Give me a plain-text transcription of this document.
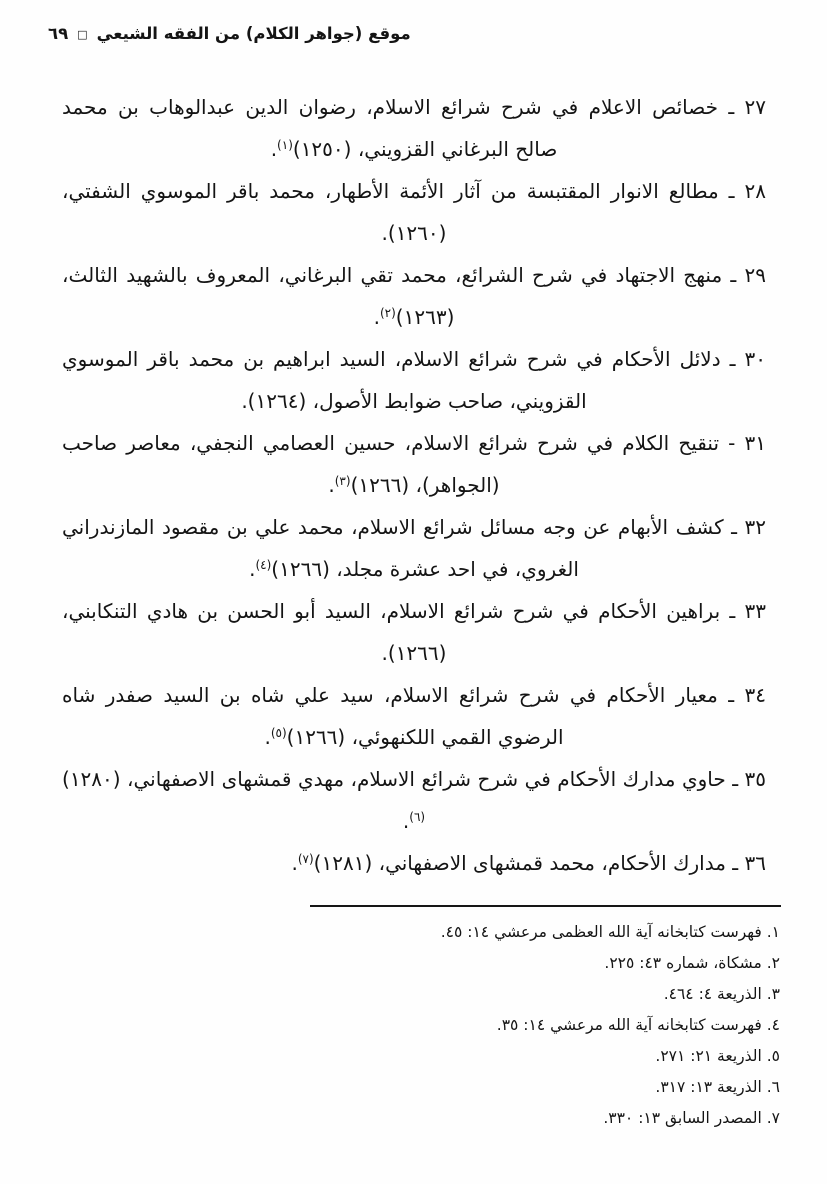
موقع (جواهر الكلام) من الفقه الشيعي
□
٦٩

٢٧ ـ خصائص الاعلام في شرح شرائع الاسلام، رضوان الدين عبدالوهاب بن محمد صالح البرغاني القزويني، (١٢٥٠)$^{(١)}$.

٢٨ ـ مطالع الانوار المقتبسة من آثار الأئمة الأطهار، محمد باقر الموسوي الشفتي، (١٢٦٠).

٢٩ ـ منهج الاجتهاد في شرح الشرائع، محمد تقي البرغاني، المعروف بالشهيد الثالث، (١٢٦٣)$^{(٢)}$.

٣٠ ـ دلائل الأحكام في شرح شرائع الاسلام، السيد ابراهيم بن محمد باقر الموسوي القزويني، صاحب ضوابط الأصول، (١٢٦٤).

٣١ - تنقيح الكلام في شرح شرائع الاسلام، حسين العصامي النجفي، معاصر صاحب (الجواهر)، (١٢٦٦)$^{(٣)}$.

٣٢ ـ كشف الأبهام عن وجه مسائل شرائع الاسلام، محمد علي بن مقصود المازندراني الغروي، في احد عشرة مجلد، (١٢٦٦)$^{(٤)}$.

٣٣ ـ براهين الأحكام في شرح شرائع الاسلام، السيد أبو الحسن بن هادي التنكابني، (١٢٦٦).

٣٤ ـ معيار الأحكام في شرح شرائع الاسلام، سيد علي شاه بن السيد صفدر شاه الرضوي القمي اللكنهوئي، (١٢٦٦)$^{(٥)}$.

٣٥ ـ حاوي مدارك الأحكام في شرح شرائع الاسلام، مهدي قمشهاى الاصفهاني، (١٢٨٠)$^{(٦)}$.

٣٦ ـ مدارك الأحكام، محمد قمشهاى الاصفهاني، (١٢٨١)$^{(٧)}$.

١. فهرست كتابخانه آية الله العظمى مرعشي ١٤: ٤٥.

٢. مشكاة، شماره ٤٣: ٢٢٥.

٣. الذريعة ٤: ٤٦٤.

٤. فهرست كتابخانه آية الله مرعشي ١٤: ٣٥.

٥. الذريعة ٢١: ٢٧١.

٦. الذريعة ١٣: ٣١٧.

٧. المصدر السابق ١٣: ٣٣٠.
